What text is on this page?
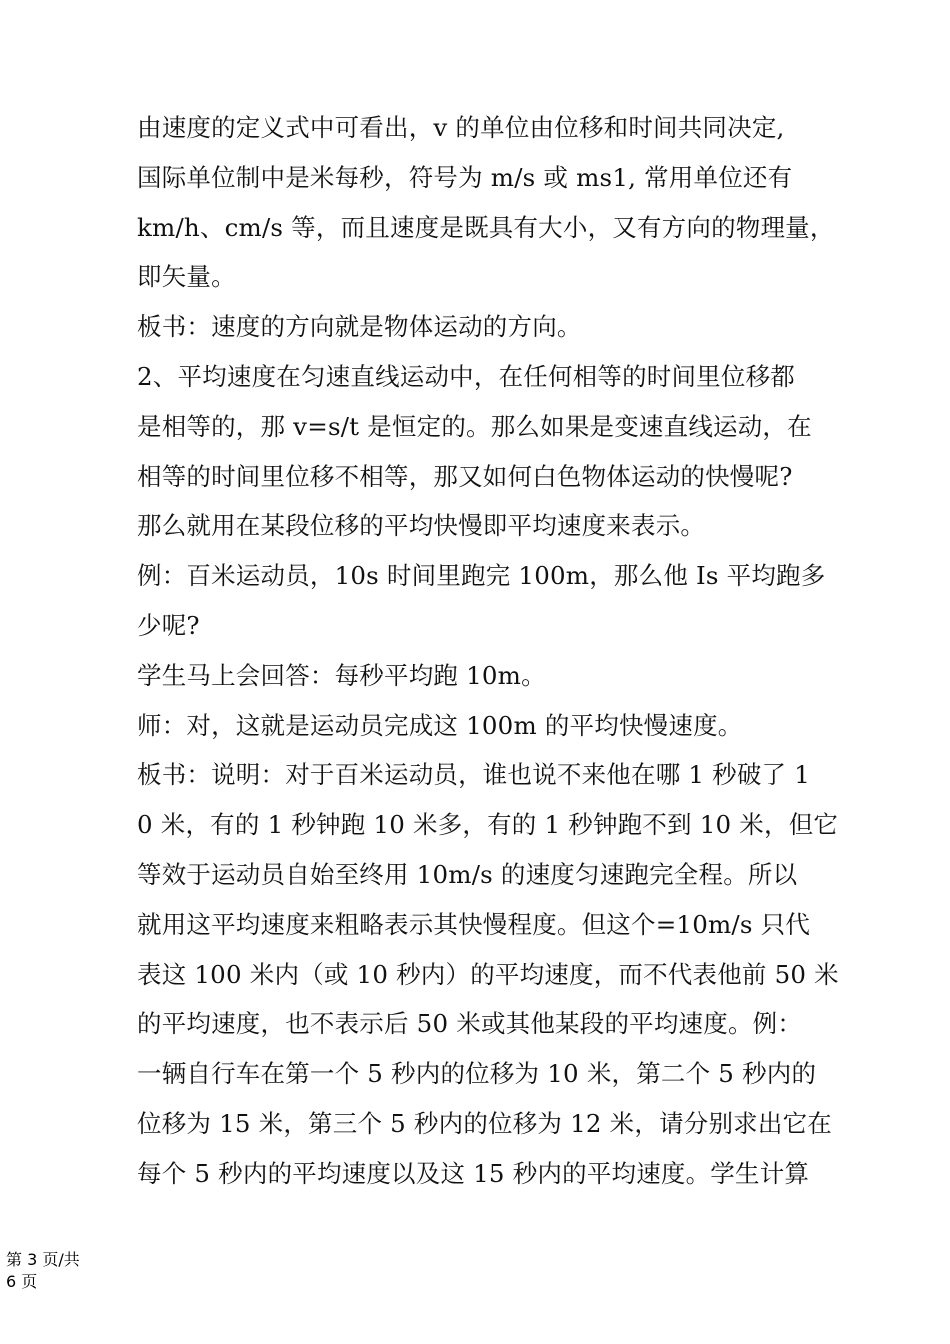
由速度的定义式中可看出，v 的单位由位移和时间共同决定,
国际单位制中是米每秒，符号为 m/s 或 ms1, 常用单位还有
km/h、cm/s 等，而且速度是既具有大小，又有方向的物理量，
即矢量。
板书：速度的方向就是物体运动的方向。
2、平均速度在匀速直线运动中，在任何相等的时间里位移都
是相等的，那 v=s/t 是恒定的。那么如果是变速直线运动，在
相等的时间里位移不相等，那又如何白色物体运动的快慢呢?
那么就用在某段位移的平均快慢即平均速度来表示。
例：百米运动员，10s 时间里跑完 100m，那么他 Is 平均跑多
少呢?
学生马上会回答：每秒平均跑 10m。
师：对，这就是运动员完成这 100m 的平均快慢速度。
板书：说明：对于百米运动员，谁也说不来他在哪 1 秒破了 1
0 米，有的 1 秒钟跑 10 米多，有的 1 秒钟跑不到 10 米，但它
等效于运动员自始至终用 10m/s 的速度匀速跑完全程。所以
就用这平均速度来粗略表示其快慢程度。但这个=10m/s 只代
表这 100 米内（或 10 秒内）的平均速度，而不代表他前 50 米
的平均速度，也不表示后 50 米或其他某段的平均速度。例：
一辆自行车在第一个 5 秒内的位移为 10 米，第二个 5 秒内的
位移为 15 米，第三个 5 秒内的位移为 12 米，请分别求出它在
每个 5 秒内的平均速度以及这 15 秒内的平均速度。学生计算

第 3 页/共
6 页
